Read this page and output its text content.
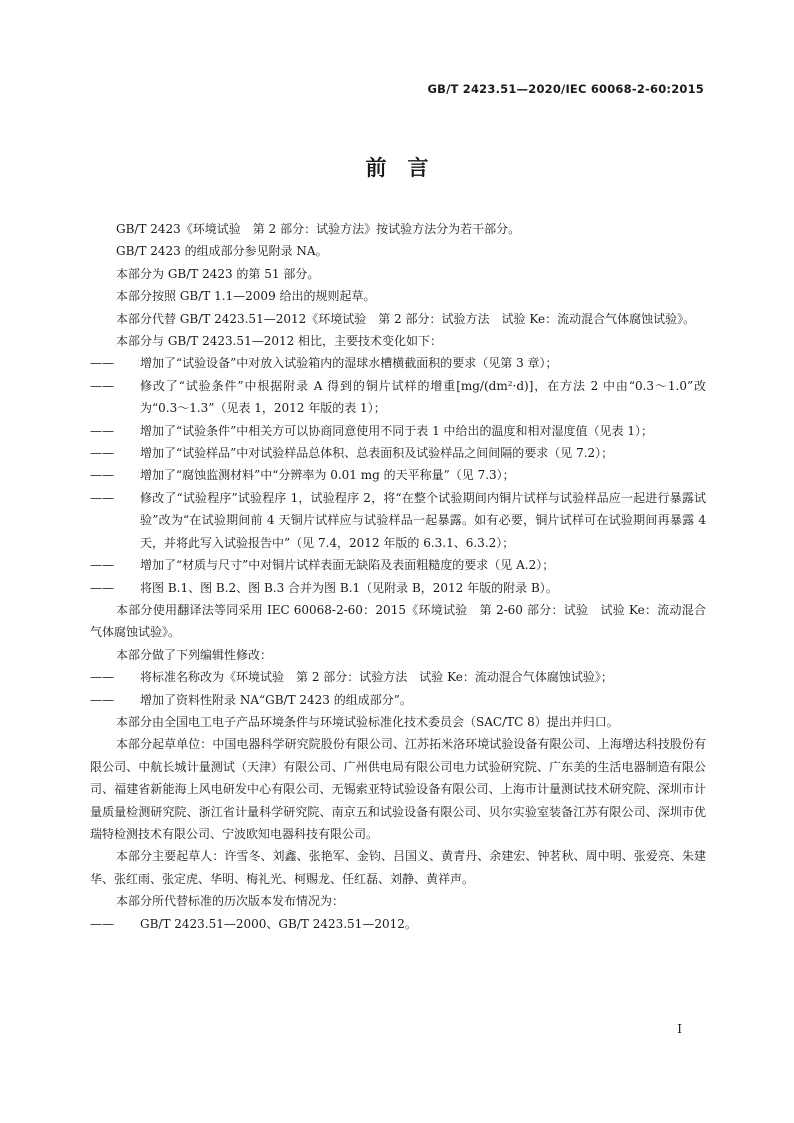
GB/T 2423.51—2020/IEC 60068-2-60:2015
前　言

GB/T 2423《环境试验　第 2 部分：试验方法》按试验方法分为若干部分。

GB/T 2423 的组成部分参见附录 NA。

本部分为 GB/T 2423 的第 51 部分。

本部分按照 GB/T 1.1—2009 给出的规则起草。

本部分代替 GB/T 2423.51—2012《环境试验　第 2 部分：试验方法　试验 Ke：流动混合气体腐蚀试验》。

本部分与 GB/T 2423.51—2012 相比，主要技术变化如下：

——	增加了“试验设备”中对放入试验箱内的湿球水槽横截面积的要求（见第 3 章）；
——	修改了“试验条件”中根据附录 A 得到的铜片试样的增重[mg/(dm²·d)]，在方法 2 中由“0.3～1.0”改为“0.3～1.3”（见表 1，2012 年版的表 1）；
——	增加了“试验条件”中相关方可以协商同意使用不同于表 1 中给出的温度和相对湿度值（见表 1）；
——	增加了“试验样品”中对试验样品总体积、总表面积及试验样品之间间隔的要求（见 7.2）；
——	增加了“腐蚀监测材料”中“分辨率为 0.01 mg 的天平称量”（见 7.3）；
——	修改了“试验程序”试验程序 1，试验程序 2，将“在整个试验期间内铜片试样与试验样品应一起进行暴露试验”改为“在试验期间前 4 天铜片试样应与试验样品一起暴露。如有必要，铜片试样可在试验期间再暴露 4 天，并将此写入试验报告中”（见 7.4，2012 年版的 6.3.1、6.3.2）；
——	增加了“材质与尺寸”中对铜片试样表面无缺陷及表面粗糙度的要求（见 A.2）；
——	将图 B.1、图 B.2、图 B.3 合并为图 B.1（见附录 B，2012 年版的附录 B）。

本部分使用翻译法等同采用 IEC 60068-2-60：2015《环境试验　第 2-60 部分：试验　试验 Ke：流动混合气体腐蚀试验》。

本部分做了下列编辑性修改：

——	将标准名称改为《环境试验　第 2 部分：试验方法　试验 Ke：流动混合气体腐蚀试验》；
——	增加了资料性附录 NA“GB/T 2423 的组成部分”。

本部分由全国电工电子产品环境条件与环境试验标准化技术委员会（SAC/TC 8）提出并归口。

本部分起草单位：中国电器科学研究院股份有限公司、江苏拓米洛环境试验设备有限公司、上海增达科技股份有限公司、中航长城计量测试（天津）有限公司、广州供电局有限公司电力试验研究院、广东美的生活电器制造有限公司、福建省新能海上风电研发中心有限公司、无锡索亚特试验设备有限公司、上海市计量测试技术研究院、深圳市计量质量检测研究院、浙江省计量科学研究院、南京五和试验设备有限公司、贝尔实验室装备江苏有限公司、深圳市优瑞特检测技术有限公司、宁波欧知电器科技有限公司。

本部分主要起草人：许雪冬、刘鑫、张艳军、金钧、吕国义、黄青丹、余建宏、钟茗秋、周中明、张爱亮、朱建华、张红雨、张定虎、华明、梅礼光、柯赐龙、任红磊、刘静、黄祥声。

本部分所代替标准的历次版本发布情况为：

——	GB/T 2423.51—2000、GB/T 2423.51—2012。
I
